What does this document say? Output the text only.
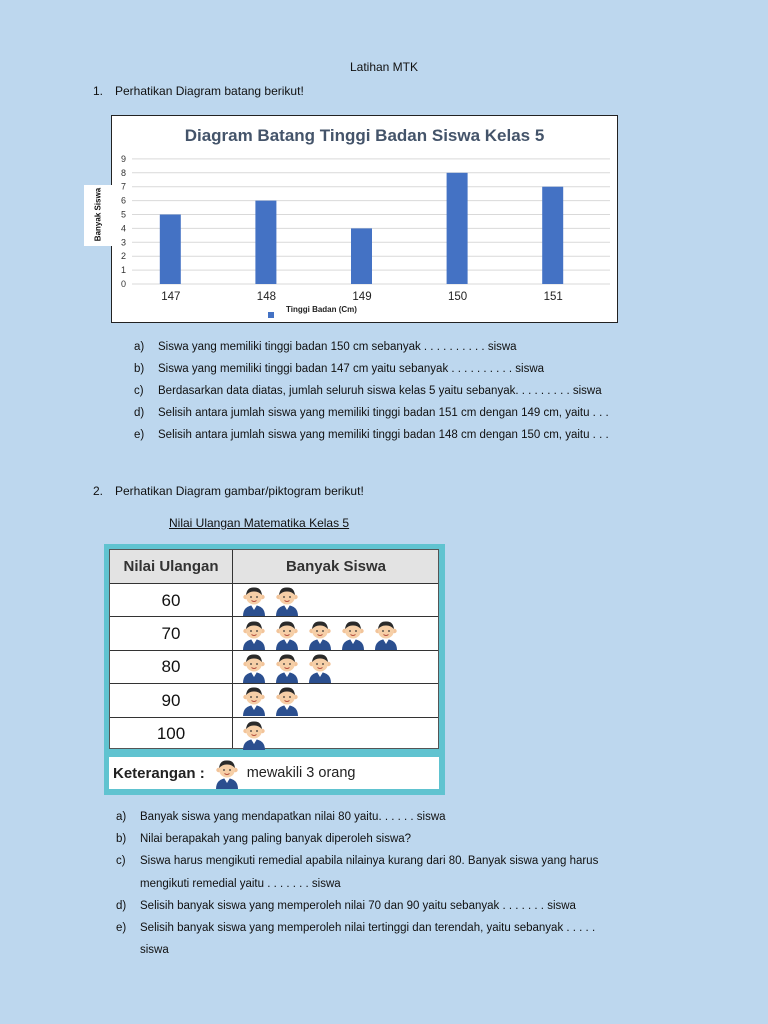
Latihan MTK
1. Perhatikan Diagram batang berikut!
Diagram Batang Tinggi Badan Siswa Kelas 5
0
1
2
3
4
5
6
7
8
9
147	148	149	150	151
Tinggi Badan (Cm)
Banyak Siswa
a) Siswa yang memiliki tinggi badan 150 cm sebanyak . . . . . . . . . . siswa
b) Siswa yang memiliki tinggi badan 147 cm yaitu sebanyak . . . . . . . . . . siswa
c) Berdasarkan data diatas, jumlah seluruh siswa kelas 5 yaitu sebanyak. . . . . . . . . siswa
d) Selisih antara jumlah siswa yang memiliki tinggi badan 151 cm dengan 149 cm, yaitu . . .
e) Selisih antara jumlah siswa yang memiliki tinggi badan 148 cm dengan 150 cm, yaitu . . .
2. Perhatikan Diagram gambar/piktogram berikut!
Nilai Ulangan Matematika Kelas 5
Nilai Ulangan	Banyak Siswa
60
70
80
90
100
Keterangan :	mewakili 3 orang
a) Banyak siswa yang mendapatkan nilai 80 yaitu. . . . . . siswa
b) Nilai berapakah yang paling banyak diperoleh siswa?
c) Siswa harus mengikuti remedial apabila nilainya kurang dari 80. Banyak siswa yang harus
mengikuti remedial yaitu . . . . . . . siswa
d) Selisih banyak siswa yang memperoleh nilai 70 dan 90 yaitu sebanyak . . . . . . . siswa
e) Selisih banyak siswa yang memperoleh nilai tertinggi dan terendah, yaitu sebanyak . . . . .
siswa
